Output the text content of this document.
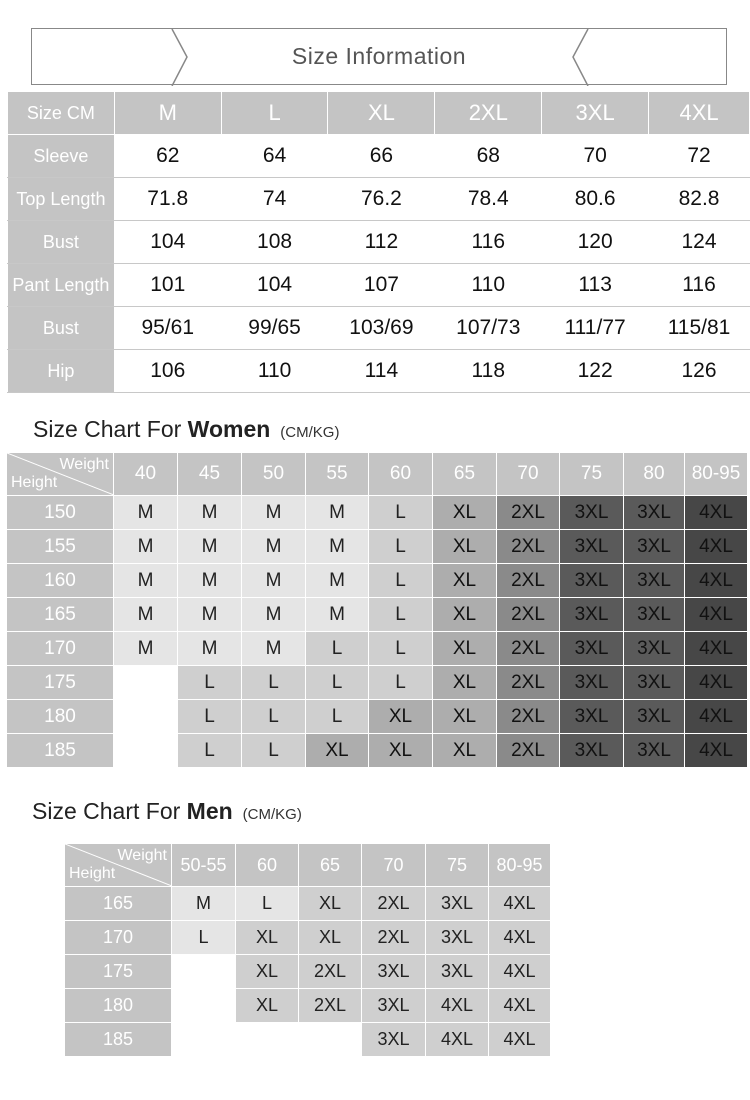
Size Information
Size CM	M	L	XL	2XL	3XL	4XL
Sleeve	62	64	66	68	70	72
Top Length	71.8	74	76.2	78.4	80.6	82.8
Bust	104	108	112	116	120	124
Pant Length	101	104	107	110	113	116
Bust	95/61	99/65	103/69	107/73	111/77	115/81
Hip	106	110	114	118	122	126
Size Chart For Women (CM/KG)
Weight
Height	40	45	50	55	60	65	70	75	80	80-95
150	M	M	M	M	L	XL	2XL	3XL	3XL	4XL
155	M	M	M	M	L	XL	2XL	3XL	3XL	4XL
160	M	M	M	M	L	XL	2XL	3XL	3XL	4XL
165	M	M	M	M	L	XL	2XL	3XL	3XL	4XL
170	M	M	M	L	L	XL	2XL	3XL	3XL	4XL
175		L	L	L	L	XL	2XL	3XL	3XL	4XL
180		L	L	L	XL	XL	2XL	3XL	3XL	4XL
185		L	L	XL	XL	XL	2XL	3XL	3XL	4XL
Size Chart For Men (CM/KG)
Weight
Height	50-55	60	65	70	75	80-95
165	M	L	XL	2XL	3XL	4XL
170	L	XL	XL	2XL	3XL	4XL
175		XL	2XL	3XL	3XL	4XL
180		XL	2XL	3XL	4XL	4XL
185				3XL	4XL	4XL
